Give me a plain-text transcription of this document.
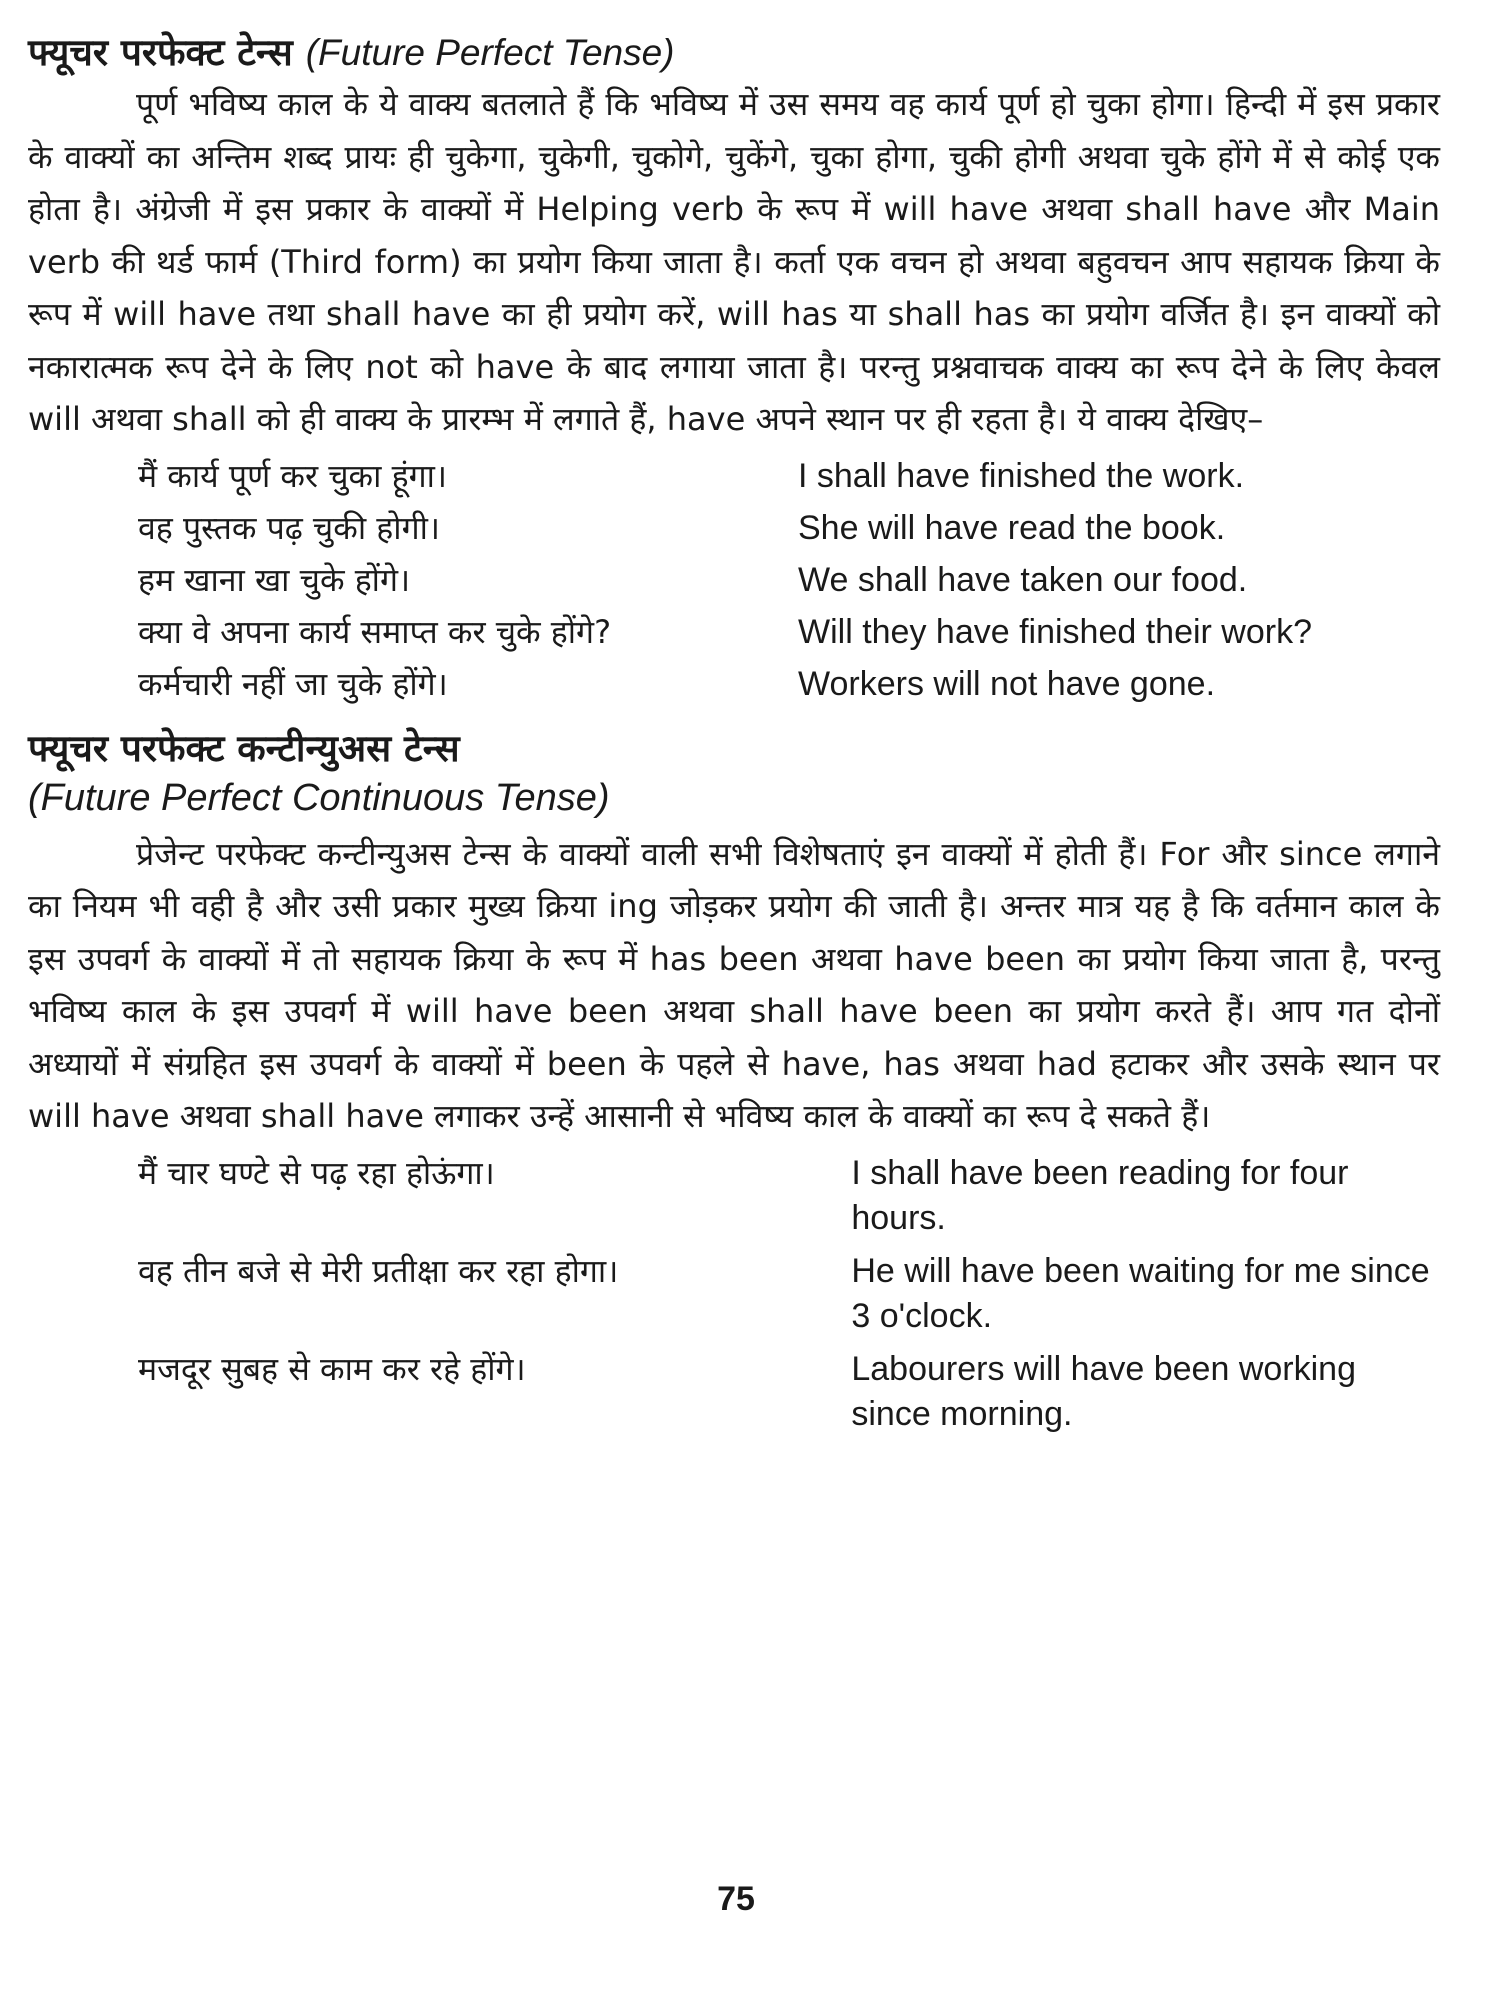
फ्यूचर परफेक्ट टेन्स (Future Perfect Tense)

पूर्ण भविष्य काल के ये वाक्य बतलाते हैं कि भविष्य में उस समय वह कार्य पूर्ण हो चुका होगा। हिन्दी में इस प्रकार के वाक्यों का अन्तिम शब्द प्रायः ही चुकेगा, चुकेगी, चुकोगे, चुकेंगे, चुका होगा, चुकी होगी अथवा चुके होंगे में से कोई एक होता है। अंग्रेजी में इस प्रकार के वाक्यों में Helping verb के रूप में will have अथवा shall have और Main verb की थर्ड फार्म (Third form) का प्रयोग किया जाता है। कर्ता एक वचन हो अथवा बहुवचन आप सहायक क्रिया के रूप में will have तथा shall have का ही प्रयोग करें, will has या shall has का प्रयोग वर्जित है। इन वाक्यों को नकारात्मक रूप देने के लिए not को have के बाद लगाया जाता है। परन्तु प्रश्नवाचक वाक्य का रूप देने के लिए केवल will अथवा shall को ही वाक्य के प्रारम्भ में लगाते हैं, have अपने स्थान पर ही रहता है। ये वाक्य देखिए–

मैं कार्य पूर्ण कर चुका हूंगा।	I shall have finished the work.
वह पुस्तक पढ़ चुकी होगी।	She will have read the book.
हम खाना खा चुके होंगे।	We shall have taken our food.
क्या वे अपना कार्य समाप्त कर चुके होंगे?	Will they have finished their work?
कर्मचारी नहीं जा चुके होंगे।	Workers will not have gone.
फ्यूचर परफेक्ट कन्टीन्युअस टेन्स
(Future Perfect Continuous Tense)

प्रेजेन्ट परफेक्ट कन्टीन्युअस टेन्स के वाक्यों वाली सभी विशेषताएं इन वाक्यों में होती हैं। For और since लगाने का नियम भी वही है और उसी प्रकार मुख्य क्रिया ing जोड़कर प्रयोग की जाती है। अन्तर मात्र यह है कि वर्तमान काल के इस उपवर्ग के वाक्यों में तो सहायक क्रिया के रूप में has been अथवा have been का प्रयोग किया जाता है, परन्तु भविष्य काल के इस उपवर्ग में will have been अथवा shall have been का प्रयोग करते हैं। आप गत दोनों अध्यायों में संग्रहित इस उपवर्ग के वाक्यों में been के पहले से have, has अथवा had हटाकर और उसके स्थान पर will have अथवा shall have लगाकर उन्हें आसानी से भविष्य काल के वाक्यों का रूप दे सकते हैं।

मैं चार घण्टे से पढ़ रहा होऊंगा।	I shall have been reading for four hours.
वह तीन बजे से मेरी प्रतीक्षा कर रहा होगा।	He will have been waiting for me since 3 o'clock.
मजदूर सुबह से काम कर रहे होंगे।	Labourers will have been working since morning.
75
